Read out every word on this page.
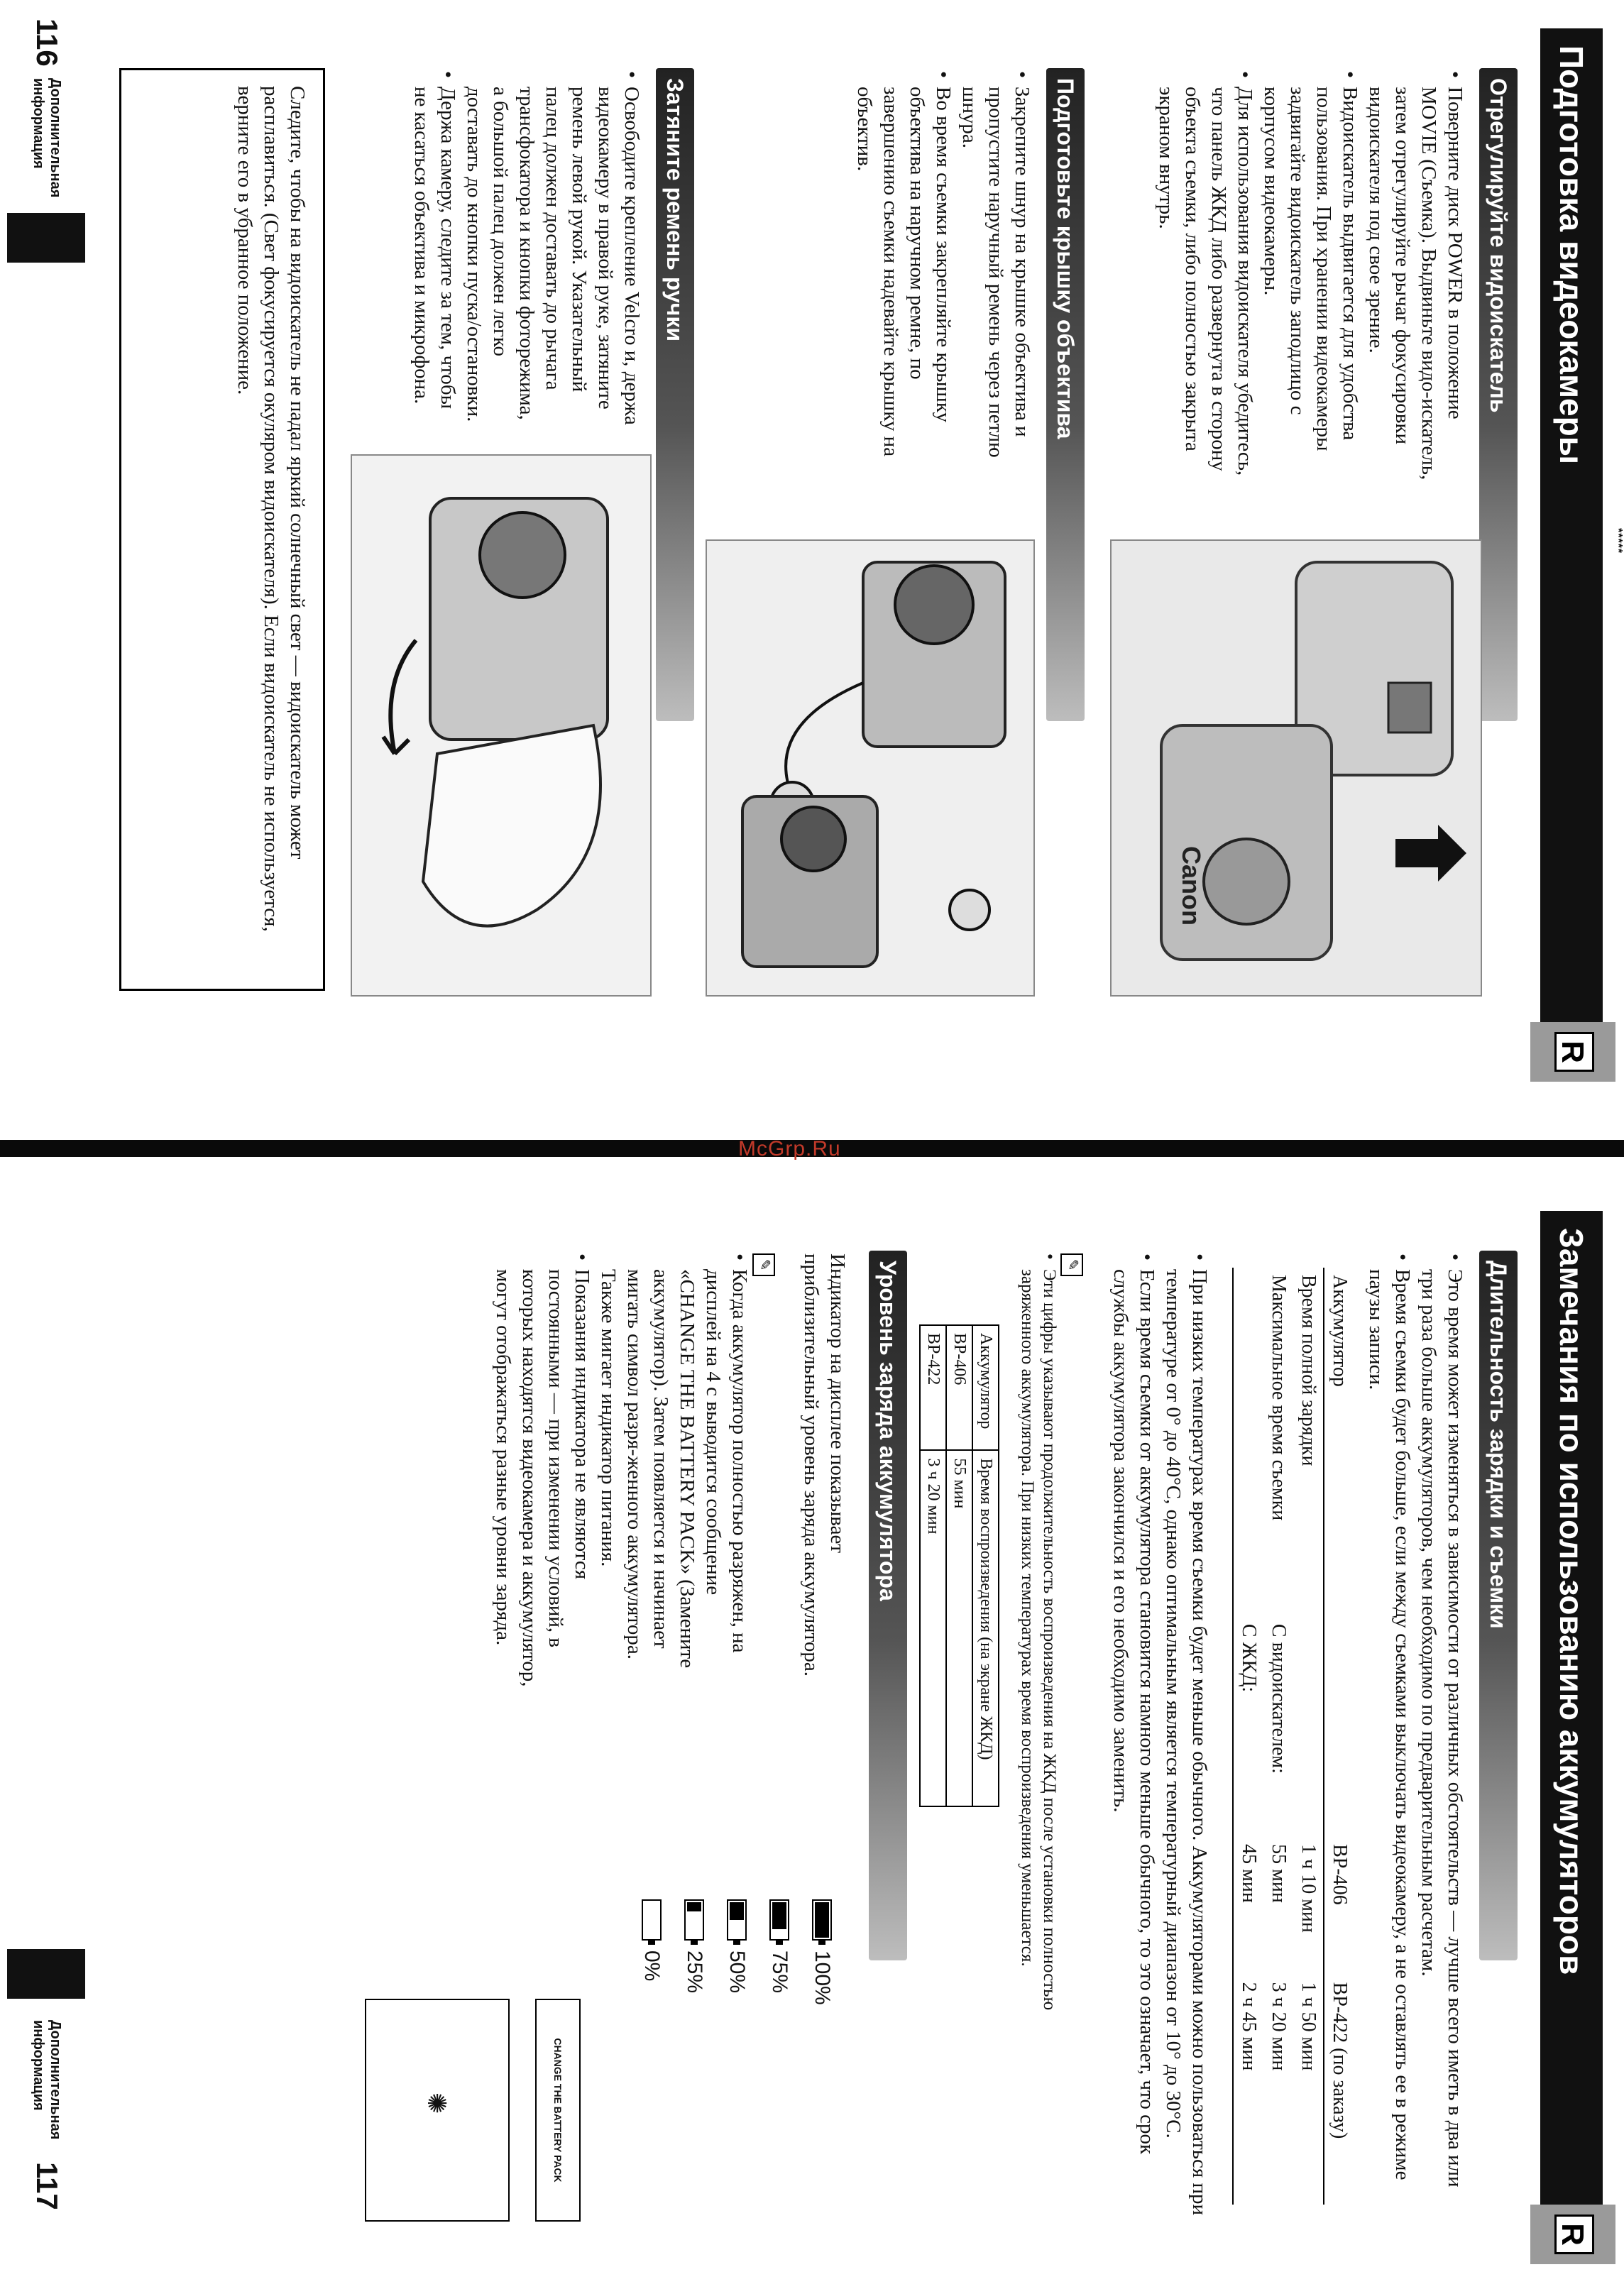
*****
Подготовка видеокамеры
Отрегулируйте видоискатель

• Поверните диск POWER в положение MOVIE (Съемка). Выдвиньте видо-искатель, затем отрегулируйте рычаг фокусировки видоискателя под свое зрение.

• Видоискатель выдвигается для удобства пользования. При хранении видеокамеры задвигайте видоискатель заподлицо с корпусом видеокамеры.

• Для использования видоискателя убедитесь, что панель ЖКД либо развернута в сторону объекта съемки, либо полностью закрыта экраном внутрь.

Canon
Подготовьте крышку объектива

• Закрепите шнур на крышке объектива и пропустите наручный ремень через петлю шнура.

• Во время съемки закрепляйте крышку объектива на наручном ремне, по завершению съемки надевайте крышку на объектив.

Затяните ремень ручки

• Освободите крепление Velcro и, держа видеокамеру в правой руке, затяните ремень левой рукой. Указательный палец должен доставать до рычага трансфокатора и кнопки фоторежима, а большой палец должен легко доставать до кнопки пуска/остановки.

• Держа камеру, следите за тем, чтобы не касаться объектива и микрофона.

Следите, чтобы на видоискатель не падал яркий солнечный свет — видоискатель может расплавиться. (Свет фокусируется окуляром видоискателя). Если видоискатель не используется, верните его в убранное положение.
R
116
Дополнительная
информация
McGrp.Ru
Замечания по использованию аккумуляторов
Длительность зарядки и съемки

• Это время может изменяться в зависимости от различных обстоятельств — лучше всего иметь в два или три раза больше аккумуляторов, чем необходимо по предварительным расчетам.

• Время съемки будет больше, если между съемками выключать видеокамеру, а не оставлять ее в режиме паузы записи.

Аккумулятор		BP-406	BP-422 (по заказу)
Время полной зарядки		1 ч 10 мин	1 ч 50 мин
Максимальное время съемки	С видоискателем:	55 мин	3 ч 20 мин
	С ЖКД:	45 мин	2 ч 45 мин

• При низких температурах время съемки будет меньше обычного. Аккумуляторами можно пользоваться при температуре от 0° до 40°C, однако оптимальным является температурный диапазон от 10° до 30°C.

• Если время съемки от аккумулятора становится намного меньше обычного, то это означает, что срок службы аккумулятора закончился и его необходимо заменить.

✎

• Эти цифры указывают продолжительность воспроизведения на ЖКД после установки полностью заряженного аккумулятора. При низких температурах время воспроизведения уменьшается.

Аккумулятор	Время воспроизведения (на экране ЖКД)
BP-406	55 мин
BP-422	3 ч 20 мин
Уровень заряда аккумулятора

Индикатор на дисплее показывает приблизительный уровень заряда аккумулятора.

✎

• Когда аккумулятор полностью разряжен, на дисплей на 4 с выводится сообщение «CHANGE THE BATTERY PACK» (Замените аккумулятор). Затем появляется и начинает мигать символ разря-женного аккумулятора. Также мигает индикатор питания.

• Показания индикатора не являются постоянными — при изменении условий, в которых находятся видеокамера и аккумулятор, могут отображаться разные уровни заряда.

100%
75%
50%
25%
0%
CHANGE THE BATTERY PACK
✺
R
Дополнительная
информация
117
